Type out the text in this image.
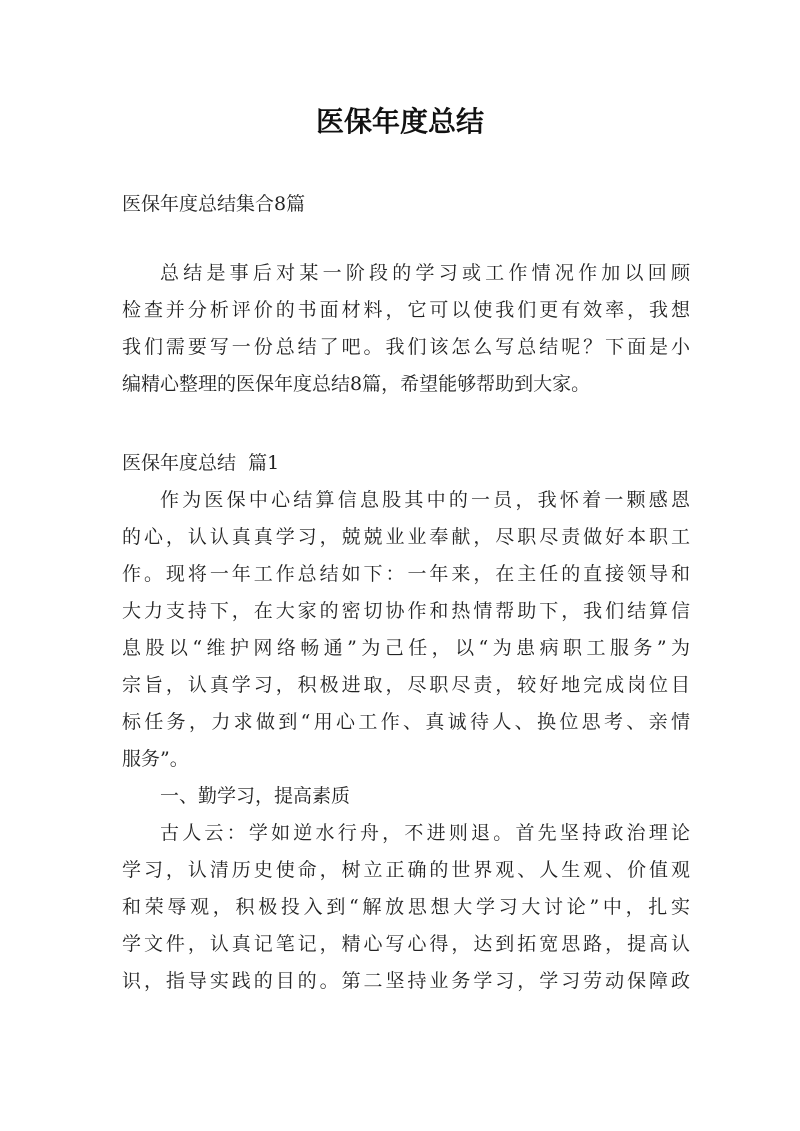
医保年度总结
医保年度总结集合8篇
总结是事后对某一阶段的学习或工作情况作加以回顾
检查并分析评价的书面材料，它可以使我们更有效率，我想
我们需要写一份总结了吧。我们该怎么写总结呢？下面是小
编精心整理的医保年度总结8篇，希望能够帮助到大家。
医保年度总结  篇1
作为医保中心结算信息股其中的一员，我怀着一颗感恩
的心，认认真真学习，兢兢业业奉献，尽职尽责做好本职工
作。现将一年工作总结如下：一年来，在主任的直接领导和
大力支持下，在大家的密切协作和热情帮助下，我们结算信
息股以“维护网络畅通”为己任，以“为患病职工服务”为
宗旨，认真学习，积极进取，尽职尽责，较好地完成岗位目
标任务，力求做到“用心工作、真诚待人、换位思考、亲情
服务”。
一、勤学习，提高素质
古人云：学如逆水行舟，不进则退。首先坚持政治理论
学习，认清历史使命，树立正确的世界观、人生观、价值观
和荣辱观，积极投入到“解放思想大学习大讨论”中，扎实
学文件，认真记笔记，精心写心得，达到拓宽思路，提高认
识，指导实践的目的。第二坚持业务学习，学习劳动保障政
